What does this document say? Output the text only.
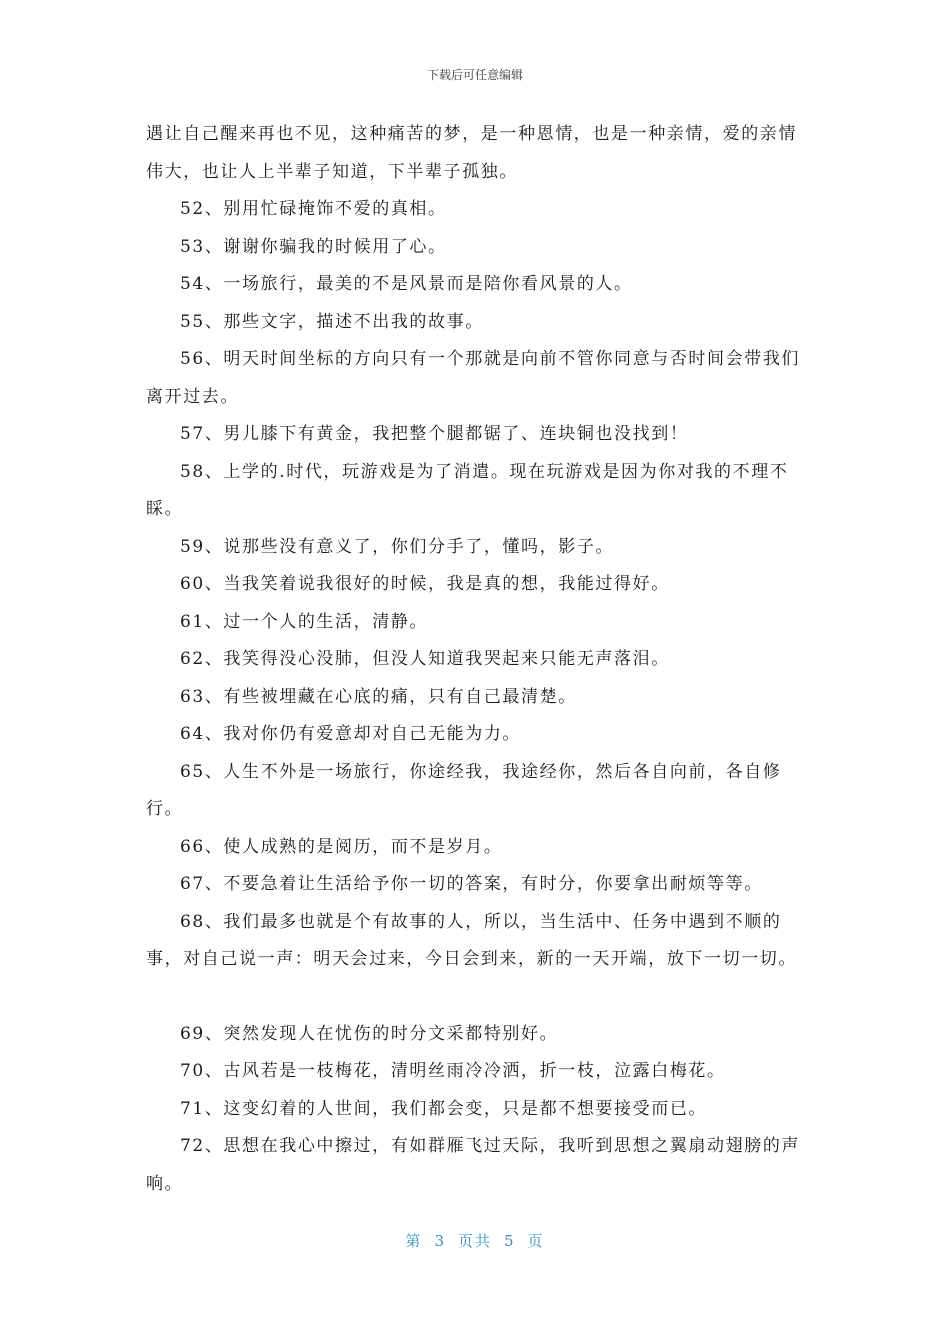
下载后可任意编辑

遇让自己醒来再也不见，这种痛苦的梦，是一种恩情，也是一种亲情，爱的亲情伟大，也让人上半辈子知道，下半辈子孤独。

52、别用忙碌掩饰不爱的真相。

53、谢谢你骗我的时候用了心。

54、一场旅行，最美的不是风景而是陪你看风景的人。

55、那些文字，描述不出我的故事。

56、明天时间坐标的方向只有一个那就是向前不管你同意与否时间会带我们离开过去。

57、男儿膝下有黄金，我把整个腿都锯了、连块铜也没找到！

58、上学的.时代，玩游戏是为了消遣。现在玩游戏是因为你对我的不理不睬。

59、说那些没有意义了，你们分手了，懂吗，影子。

60、当我笑着说我很好的时候，我是真的想，我能过得好。

61、过一个人的生活，清静。

62、我笑得没心没肺，但没人知道我哭起来只能无声落泪。

63、有些被埋藏在心底的痛，只有自己最清楚。

64、我对你仍有爱意却对自己无能为力。

65、人生不外是一场旅行，你途经我，我途经你，然后各自向前，各自修行。

66、使人成熟的是阅历，而不是岁月。

67、不要急着让生活给予你一切的答案，有时分，你要拿出耐烦等等。

68、我们最多也就是个有故事的人，所以，当生活中、任务中遇到不顺的事，对自己说一声：明天会过来，今日会到来，新的一天开端，放下一切一切。

69、突然发现人在忧伤的时分文采都特别好。

70、古风若是一枝梅花，清明丝雨冷冷洒，折一枝，泣露白梅花。

71、这变幻着的人世间，我们都会变，只是都不想要接受而已。

72、思想在我心中擦过，有如群雁飞过天际，我听到思想之翼扇动翅膀的声响。

第 3 页共 5 页
